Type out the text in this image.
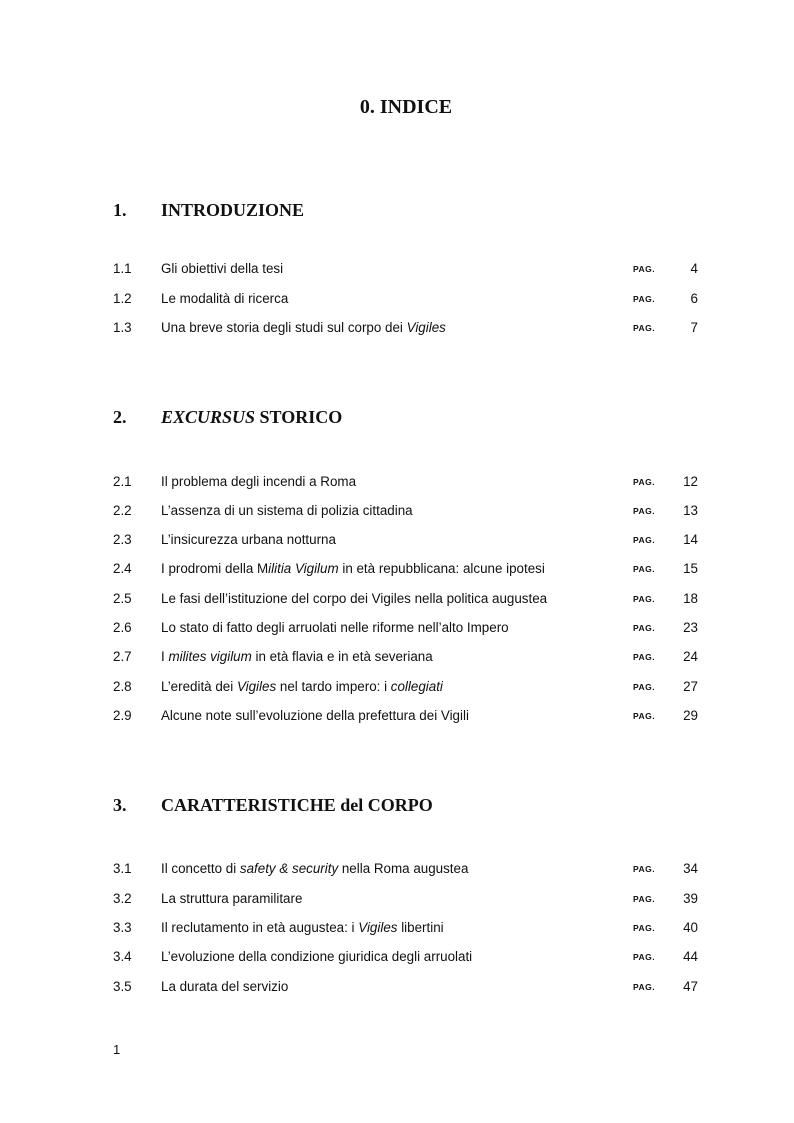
0. INDICE
1. INTRODUZIONE
1.1 Gli obiettivi della tesi	PAG.	4
1.2 Le modalità di ricerca	PAG.	6
1.3 Una breve storia degli studi sul corpo dei Vigiles	PAG.	7
2. EXCURSUS STORICO
2.1 Il problema degli incendi a Roma	PAG.	12
2.2 L’assenza di un sistema di polizia cittadina	PAG.	13
2.3 L’insicurezza urbana notturna	PAG.	14
2.4 I prodromi della Militia Vigilum in età repubblicana: alcune ipotesi	PAG.	15
2.5 Le fasi dell’istituzione del corpo dei Vigiles nella politica augustea	PAG.	18
2.6 Lo stato di fatto degli arruolati nelle riforme nell’alto Impero	PAG.	23
2.7 I milites vigilum in età flavia e in età severiana	PAG.	24
2.8 L’eredità dei Vigiles nel tardo impero: i collegiati	PAG.	27
2.9 Alcune note sull’evoluzione della prefettura dei Vigili	PAG.	29
3. CARATTERISTICHE del CORPO
3.1 Il concetto di safety & security nella Roma augustea	PAG.	34
3.2 La struttura paramilitare	PAG.	39
3.3 Il reclutamento in età augustea: i Vigiles libertini	PAG.	40
3.4 L’evoluzione della condizione giuridica degli arruolati	PAG.	44
3.5 La durata del servizio	PAG.	47
1
